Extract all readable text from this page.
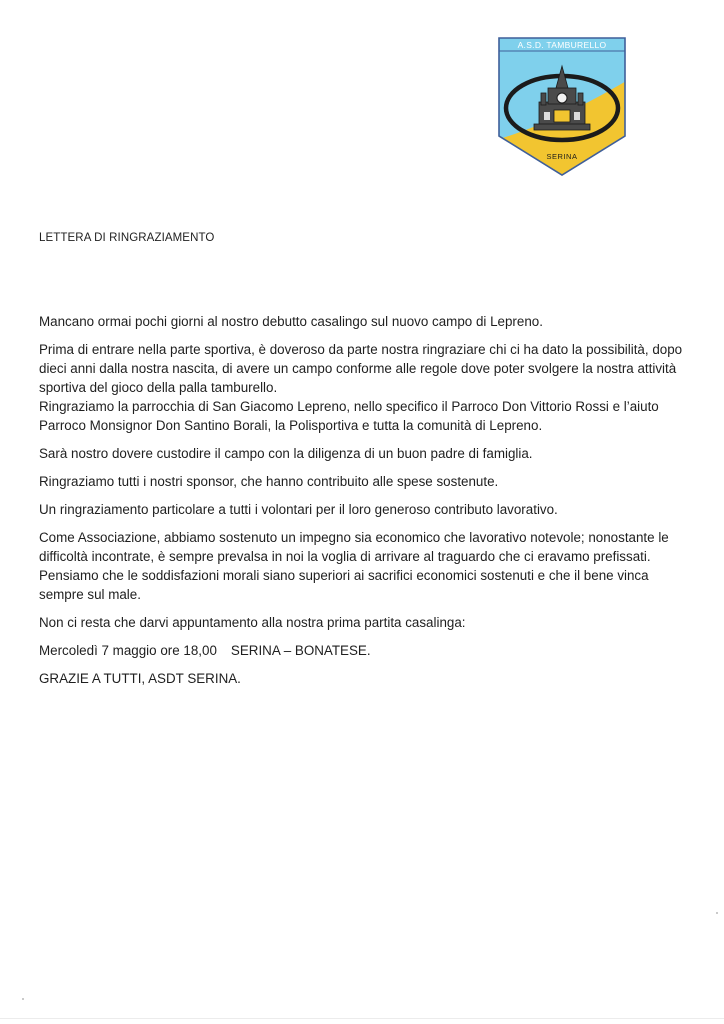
A.S.D. TAMBURELLO
SERINA
LETTERA DI RINGRAZIAMENTO

Mancano ormai pochi giorni al nostro debutto casalingo sul nuovo campo di Lepreno.

Prima di entrare nella parte sportiva, è doveroso da parte nostra ringraziare chi ci ha dato la possibilità, dopo dieci anni dalla nostra nascita, di avere un campo conforme alle regole dove poter svolgere la nostra attività sportiva del gioco della palla tamburello.

Ringraziamo la parrocchia di San Giacomo Lepreno, nello specifico il Parroco Don Vittorio Rossi e l’aiuto Parroco Monsignor Don Santino Borali, la Polisportiva e tutta la comunità di Lepreno.

Sarà nostro dovere custodire il campo con la diligenza di un buon padre di famiglia.

Ringraziamo tutti i nostri sponsor, che hanno contribuito alle spese sostenute.

Un ringraziamento particolare a tutti i volontari per il loro generoso contributo lavorativo.

Come Associazione, abbiamo sostenuto un impegno sia economico che lavorativo notevole; nonostante le difficoltà incontrate, è sempre prevalsa in noi la voglia di arrivare al traguardo che ci eravamo prefissati. Pensiamo che le soddisfazioni morali siano superiori ai sacrifici economici sostenuti e che il bene vinca sempre sul male.

Non ci resta che darvi appuntamento alla nostra prima partita casalinga:

Mercoledì 7 maggio ore 18,00 SERINA – BONATESE.

GRAZIE A TUTTI, ASDT SERINA.
